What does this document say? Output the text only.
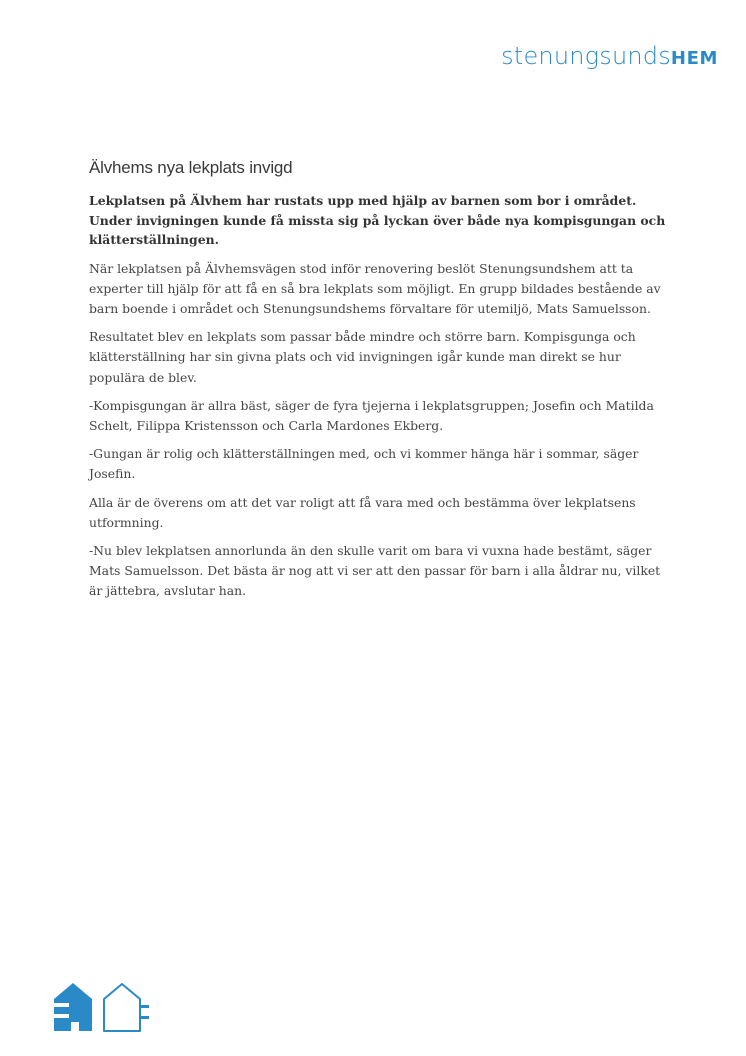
stenungsundsHEM
Älvhems nya lekplats invigd

Lekplatsen på Älvhem har rustats upp med hjälp av barnen som bor i området. Under invigningen kunde få missta sig på lyckan över både nya kompisgungan och klätterställningen.

När lekplatsen på Älvhemsvägen stod inför renovering beslöt Stenungsundshem att ta experter till hjälp för att få en så bra lekplats som möjligt. En grupp bildades bestående av barn boende i området och Stenungsundshems förvaltare för utemiljö, Mats Samuelsson.

Resultatet blev en lekplats som passar både mindre och större barn. Kompisgunga och klätterställning har sin givna plats och vid invigningen igår kunde man direkt se hur populära de blev.

-Kompisgungan är allra bäst, säger de fyra tjejerna i lekplatsgruppen; Josefin och Matilda Schelt, Filippa Kristensson och Carla Mardones Ekberg.

-Gungan är rolig och klätterställningen med, och vi kommer hänga här i sommar, säger Josefin.

Alla är de överens om att det var roligt att få vara med och bestämma över lekplatsens utformning.

-Nu blev lekplatsen annorlunda än den skulle varit om bara vi vuxna hade bestämt, säger Mats Samuelsson. Det bästa är nog att vi ser att den passar för barn i alla åldrar nu, vilket är jättebra, avslutar han.
